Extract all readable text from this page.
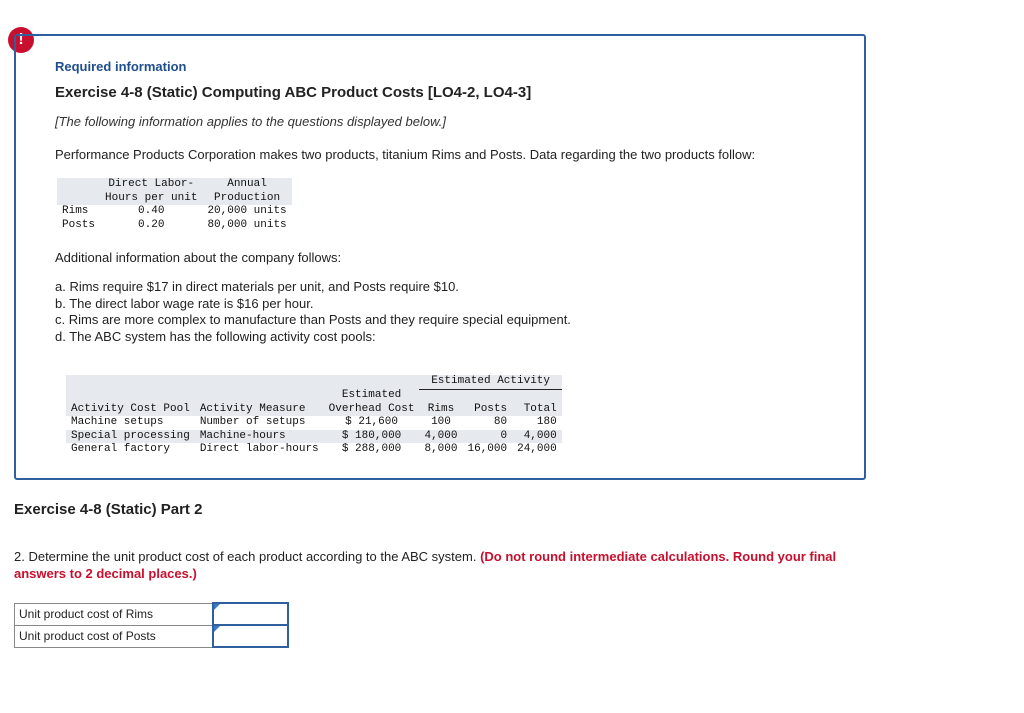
!
Required information
Exercise 4-8 (Static) Computing ABC Product Costs [LO4-2, LO4-3]
[The following information applies to the questions displayed below.]
Performance Products Corporation makes two products, titanium Rims and Posts. Data regarding the two products follow:
	Direct Labor-
Hours per unit	Annual
Production
Rims	0.40	20,000 units
Posts	0.20	80,000 units
Additional information about the company follows:
a. Rims require $17 in direct materials per unit, and Posts require $10.
b. The direct labor wage rate is $16 per hour.
c. Rims are more complex to manufacture than Posts and they require special equipment.
d. The ABC system has the following activity cost pools:
			Estimated Activity		
Activity Cost Pool	Activity Measure	Estimated
Overhead Cost	Rims	Posts	Total
Machine setups	Number of setups	$ 21,600	100	80	180
Special processing	Machine-hours	$ 180,000	4,000	0	4,000
General factory	Direct labor-hours	$ 288,000	8,000	16,000	24,000
Exercise 4-8 (Static) Part 2
2. Determine the unit product cost of each product according to the ABC system. (Do not round intermediate calculations. Round your final answers to 2 decimal places.)
Unit product cost of Rims	
Unit product cost of Posts	
